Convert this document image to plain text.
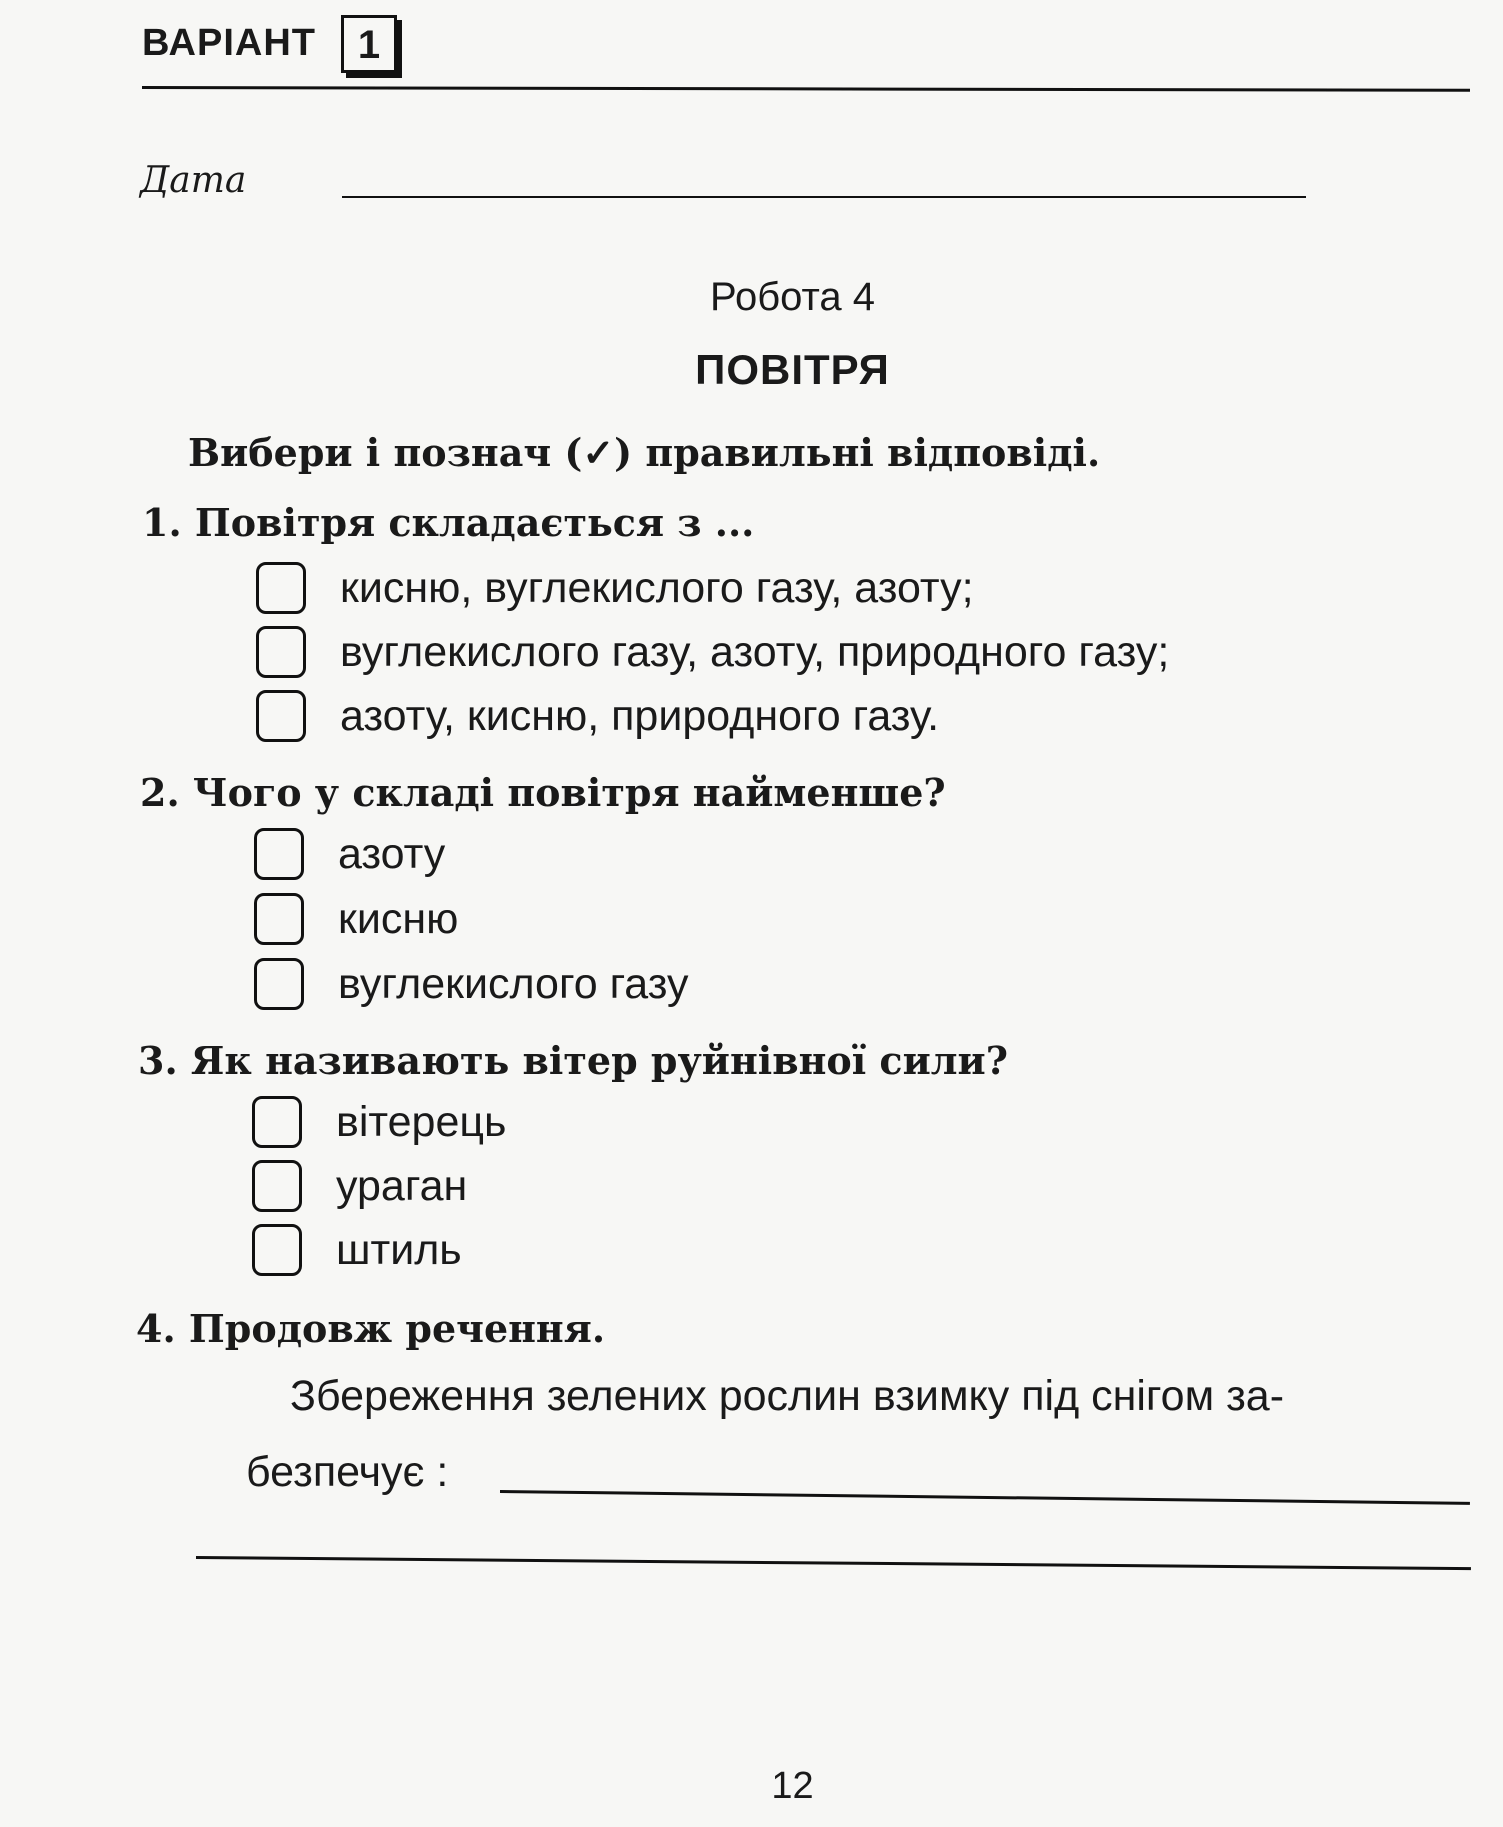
ВАРІАНТ	1
Дата
Робота 4
ПОВІТРЯ
Вибери і познач (✓) правильні відповіді.
1. Повітря складається з ...
кисню, вуглекислого газу, азоту;
вуглекислого газу, азоту, природного газу;
азоту, кисню, природного газу.
2. Чого у складі повітря найменше?
азоту
кисню
вуглекислого газу
3. Як називають вітер руйнівної сили?
вітерець
ураган
штиль
4. Продовж речення.
Збереження зелених рослин взимку під снігом за-
безпечує :
12
